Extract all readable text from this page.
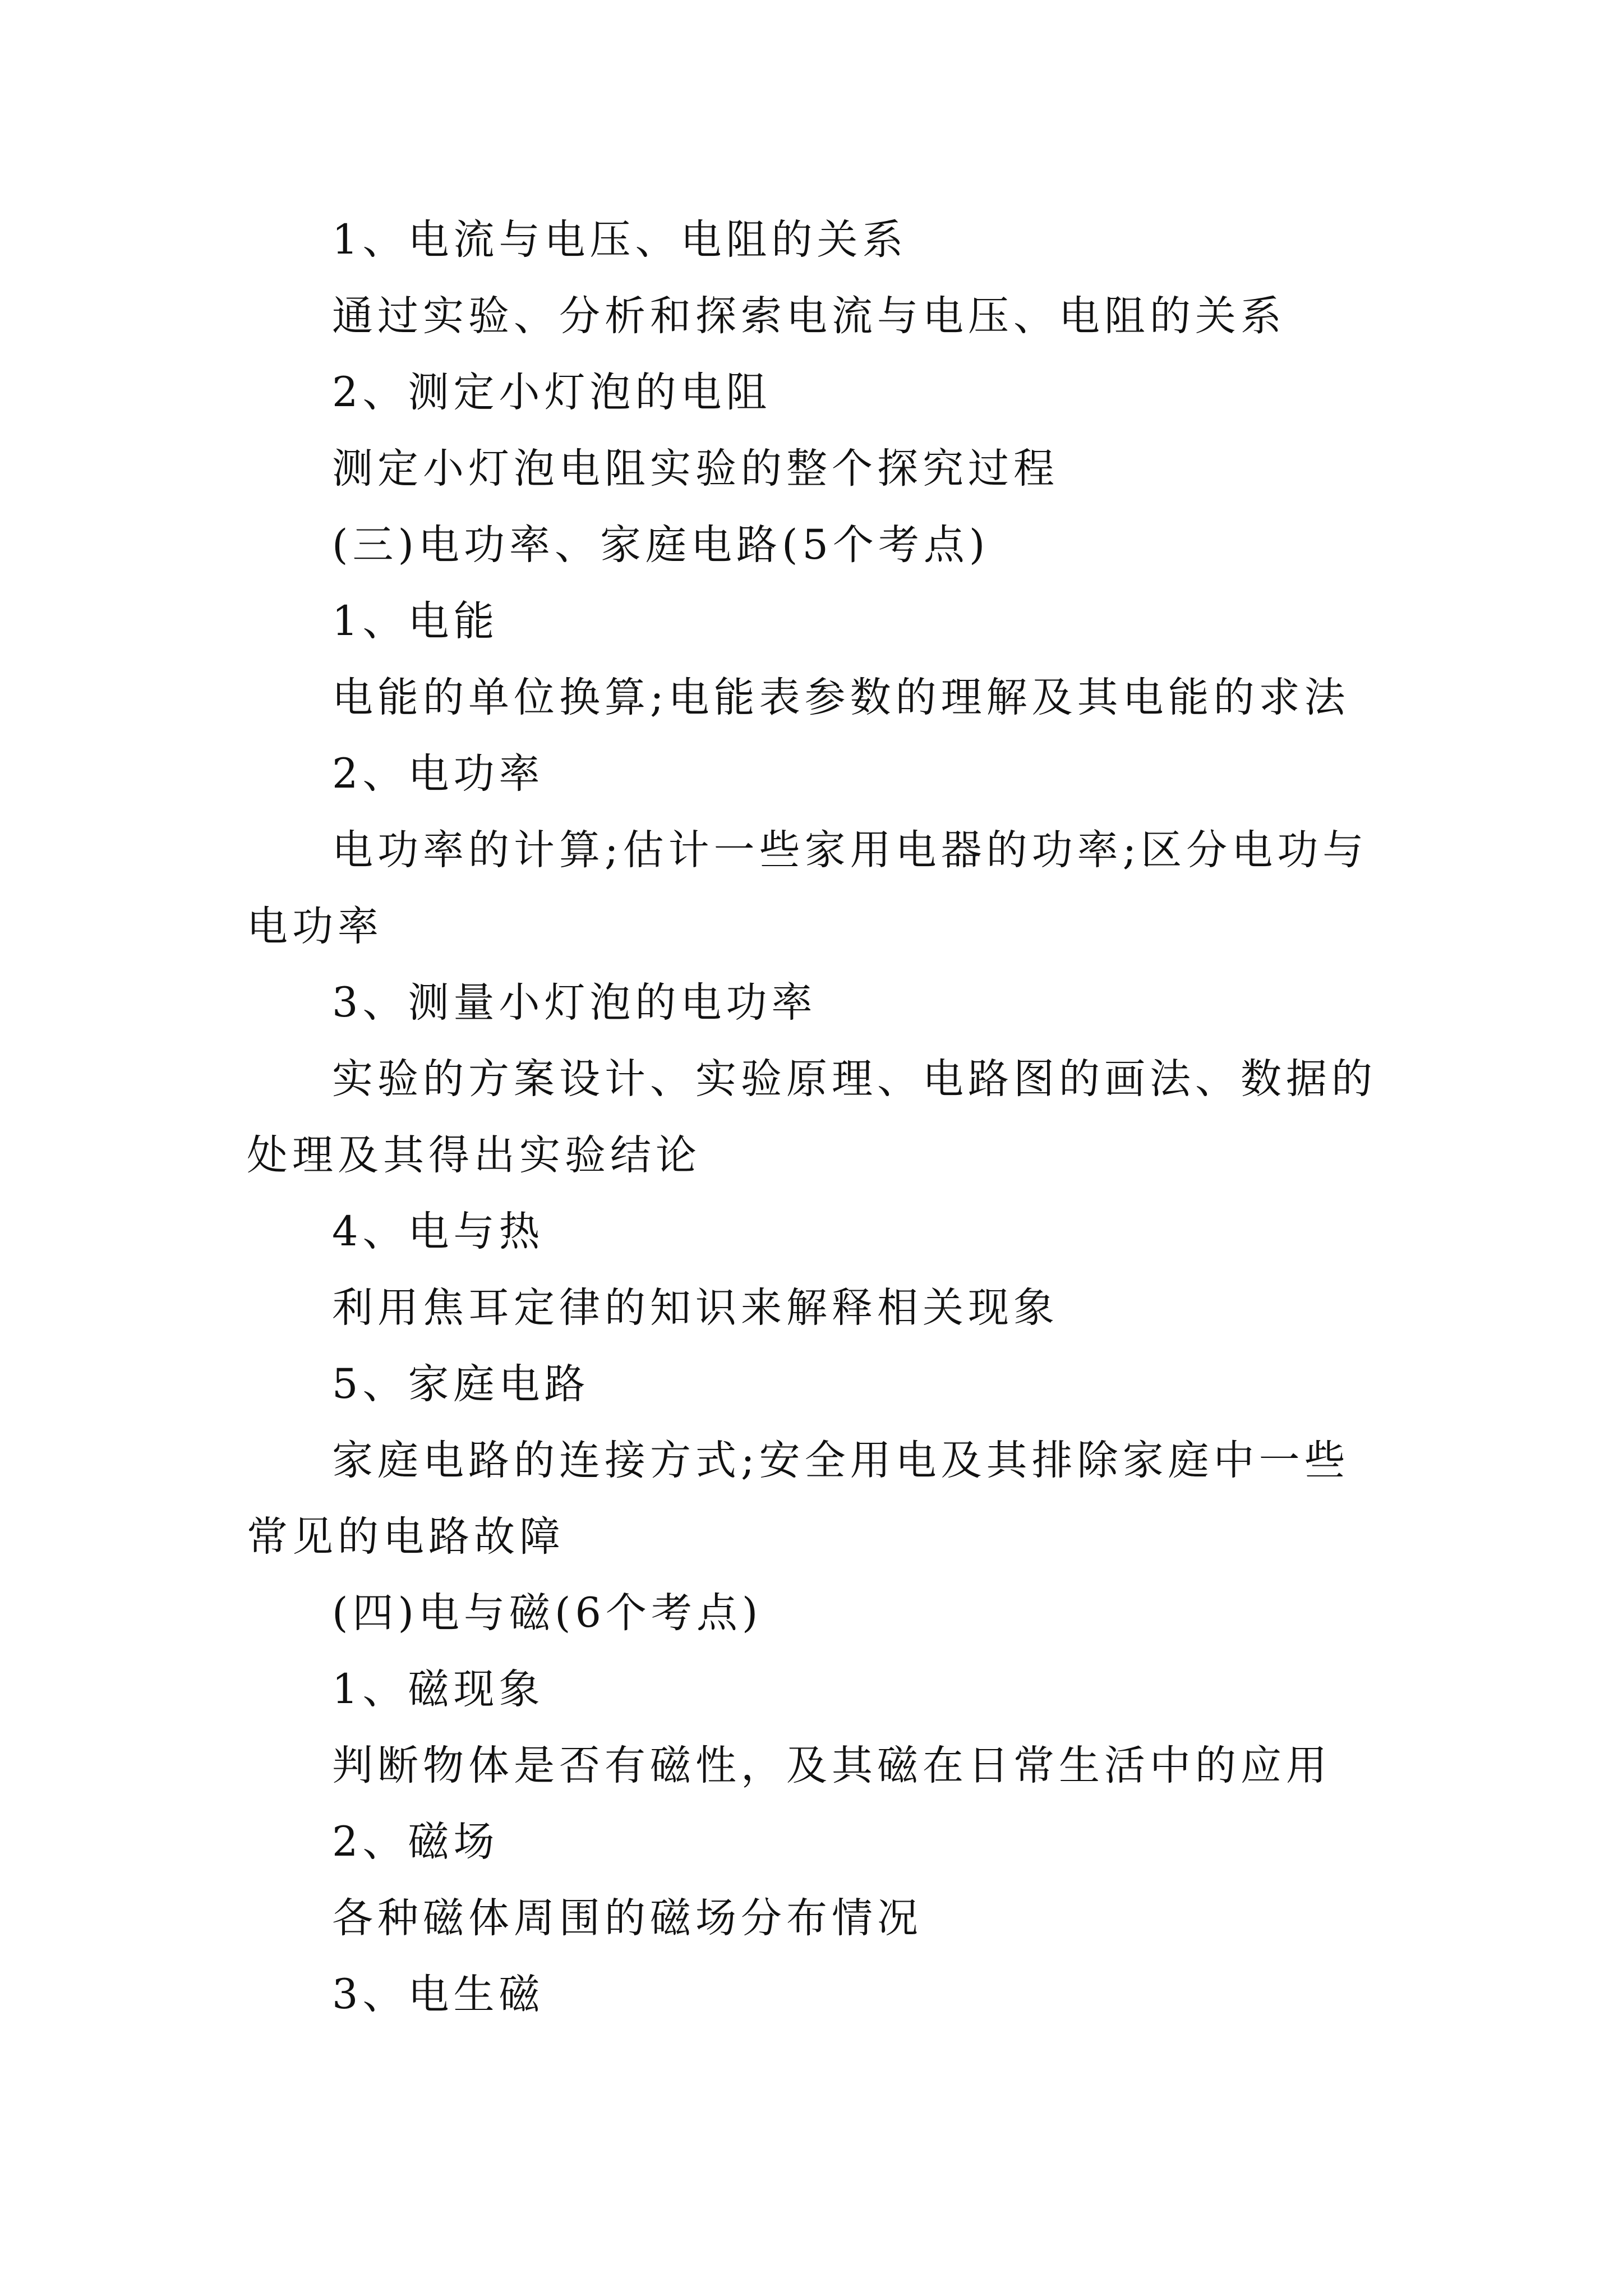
1、电流与电压、电阻的关系

通过实验、分析和探索电流与电压、电阻的关系

2、测定小灯泡的电阻

测定小灯泡电阻实验的整个探究过程

(三)电功率、家庭电路(5个考点)

1、电能

电能的单位换算;电能表参数的理解及其电能的求法

2、电功率

电功率的计算;估计一些家用电器的功率;区分电功与电功率

3、测量小灯泡的电功率

实验的方案设计、实验原理、电路图的画法、数据的处理及其得出实验结论

4、电与热

利用焦耳定律的知识来解释相关现象

5、家庭电路

家庭电路的连接方式;安全用电及其排除家庭中一些常见的电路故障

(四)电与磁(6个考点)

1、磁现象

判断物体是否有磁性，及其磁在日常生活中的应用

2、磁场

各种磁体周围的磁场分布情况

3、电生磁
